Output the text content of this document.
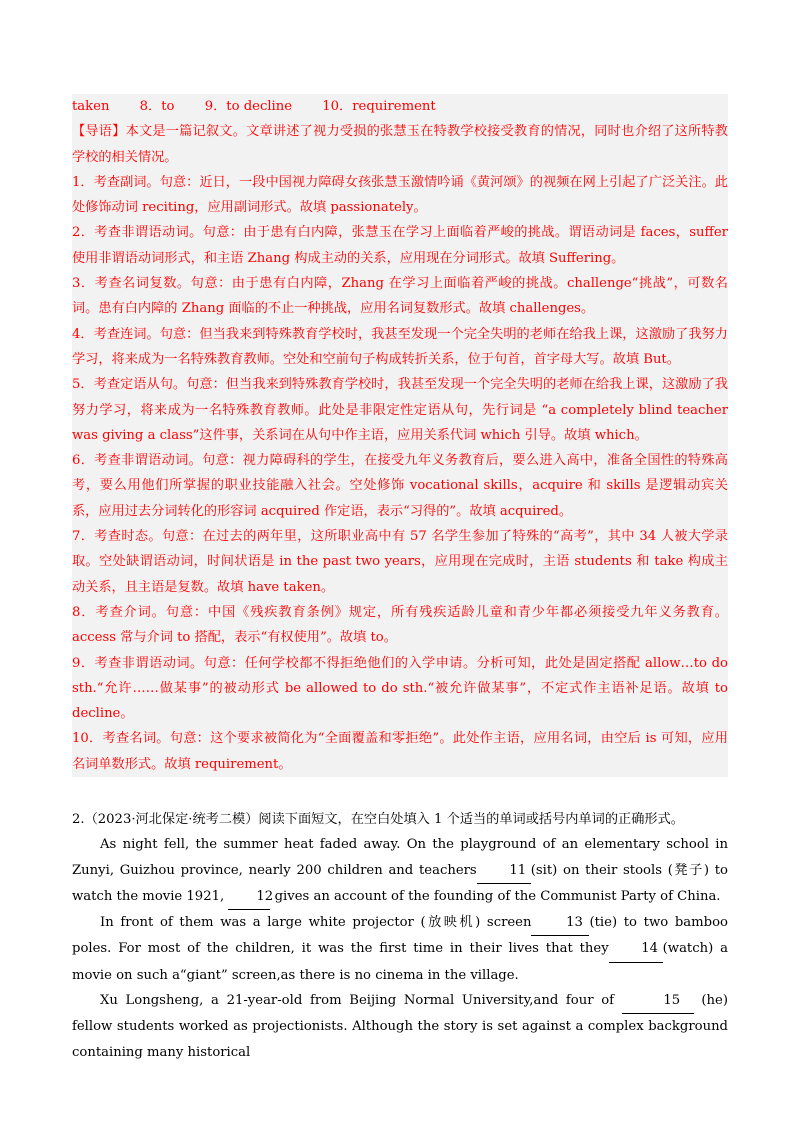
taken 8．to 9．to decline 10．requirement

【导语】本文是一篇记叙文。文章讲述了视力受损的张慧玉在特教学校接受教育的情况，同时也介绍了这所特教学校的相关情况。

1．考查副词。句意：近日，一段中国视力障碍女孩张慧玉激情吟诵《黄河颂》的视频在网上引起了广泛关注。此处修饰动词 reciting，应用副词形式。故填 passionately。

2．考查非谓语动词。句意：由于患有白内障，张慧玉在学习上面临着严峻的挑战。谓语动词是 faces，suffer 使用非谓语动词形式，和主语 Zhang 构成主动的关系，应用现在分词形式。故填 Suffering。

3．考查名词复数。句意：由于患有白内障，Zhang 在学习上面临着严峻的挑战。challenge“挑战”，可数名词。患有白内障的 Zhang 面临的不止一种挑战，应用名词复数形式。故填 challenges。

4．考查连词。句意：但当我来到特殊教育学校时，我甚至发现一个完全失明的老师在给我上课，这激励了我努力学习，将来成为一名特殊教育教师。空处和空前句子构成转折关系，位于句首，首字母大写。故填 But。

5．考查定语从句。句意：但当我来到特殊教育学校时，我甚至发现一个完全失明的老师在给我上课，这激励了我努力学习，将来成为一名特殊教育教师。此处是非限定性定语从句，先行词是 “a completely blind teacher was giving a class”这件事，关系词在从句中作主语，应用关系代词 which 引导。故填 which。

6．考查非谓语动词。句意：视力障碍科的学生，在接受九年义务教育后，要么进入高中，准备全国性的特殊高考，要么用他们所掌握的职业技能融入社会。空处修饰 vocational skills，acquire 和 skills 是逻辑动宾关系，应用过去分词转化的形容词 acquired 作定语，表示“习得的”。故填 acquired。

7．考查时态。句意：在过去的两年里，这所职业高中有 57 名学生参加了特殊的“高考”，其中 34 人被大学录取。空处缺谓语动词，时间状语是 in the past two years，应用现在完成时，主语 students 和 take 构成主动关系，且主语是复数。故填 have taken。

8．考查介词。句意：中国《残疾教育条例》规定，所有残疾适龄儿童和青少年都必须接受九年义务教育。access 常与介词 to 搭配，表示“有权使用”。故填 to。

9．考查非谓语动词。句意：任何学校都不得拒绝他们的入学申请。分析可知，此处是固定搭配 allow…to do sth.“允许……做某事”的被动形式 be allowed to do sth.“被允许做某事”，不定式作主语补足语。故填 to decline。

10．考查名词。句意：这个要求被简化为“全面覆盖和零拒绝”。此处作主语，应用名词，由空后 is 可知，应用名词单数形式。故填 requirement。

2.（2023·河北保定·统考二模）阅读下面短文，在空白处填入 1 个适当的单词或括号内单词的正确形式。

As night fell, the summer heat faded away. On the playground of an elementary school in Zunyi, Guizhou province, nearly 200 children and teachers 11 (sit) on their stools (凳子) to watch the movie 1921, 12 gives an account of the founding of the Communist Party of China.

In front of them was a large white projector (放映机) screen	13 (tie) to two bamboo poles. For most of the children, it was the first time in their lives that they 14 (watch) a movie on such a“giant” screen,as there is no cinema in the village.

Xu Longsheng, a 21-year-old from Beijing Normal University,and four of	15 (he) fellow students worked as projectionists. Although the story is set against a complex background containing many historical
